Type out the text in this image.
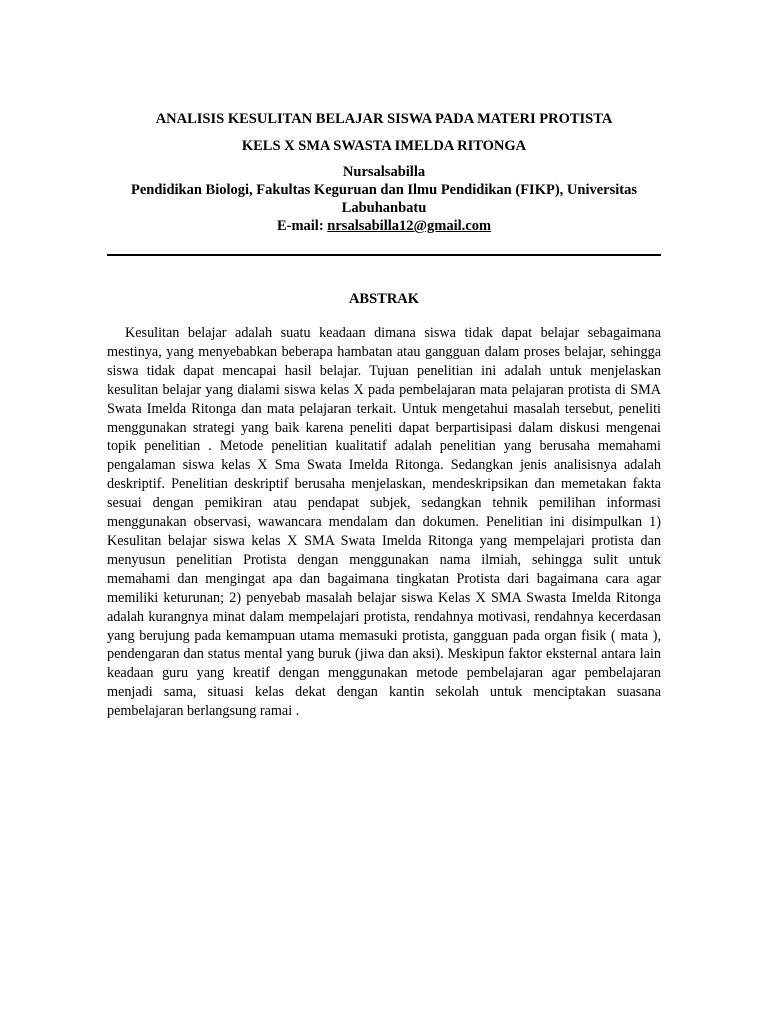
ANALISIS KESULITAN BELAJAR SISWA PADA MATERI PROTISTA

KELS X SMA SWASTA IMELDA RITONGA

Nursalsabilla

Pendidikan Biologi, Fakultas Keguruan dan Ilmu Pendidikan (FIKP), Universitas Labuhanbatu

E-mail: nrsalsabilla12@gmail.com

ABSTRAK

Kesulitan belajar adalah suatu keadaan dimana siswa tidak dapat belajar sebagaimana mestinya, yang menyebabkan beberapa hambatan atau gangguan dalam proses belajar, sehingga siswa tidak dapat mencapai hasil belajar. Tujuan penelitian ini adalah untuk menjelaskan kesulitan belajar yang dialami siswa kelas X pada pembelajaran mata pelajaran protista di SMA Swata Imelda Ritonga dan mata pelajaran terkait. Untuk mengetahui masalah tersebut, peneliti menggunakan strategi yang baik karena peneliti dapat berpartisipasi dalam diskusi mengenai topik penelitian . Metode penelitian kualitatif adalah penelitian yang berusaha memahami pengalaman siswa kelas X Sma Swata Imelda Ritonga. Sedangkan jenis analisisnya adalah deskriptif. Penelitian deskriptif berusaha menjelaskan, mendeskripsikan dan memetakan fakta sesuai dengan pemikiran atau pendapat subjek, sedangkan tehnik pemilihan informasi menggunakan observasi, wawancara mendalam dan dokumen. Penelitian ini disimpulkan 1) Kesulitan belajar siswa kelas X SMA Swata Imelda Ritonga yang mempelajari protista dan menyusun penelitian Protista dengan menggunakan nama ilmiah, sehingga sulit untuk memahami dan mengingat apa dan bagaimana tingkatan Protista dari bagaimana cara agar memiliki keturunan; 2) penyebab masalah belajar siswa Kelas X SMA Swasta Imelda Ritonga adalah kurangnya minat dalam mempelajari protista, rendahnya motivasi, rendahnya kecerdasan yang berujung pada kemampuan utama memasuki protista, gangguan pada organ fisik ( mata ), pendengaran dan status mental yang buruk (jiwa dan aksi). Meskipun faktor eksternal antara lain keadaan guru yang kreatif dengan menggunakan metode pembelajaran agar pembelajaran menjadi sama, situasi kelas dekat dengan kantin sekolah untuk menciptakan suasana pembelajaran berlangsung ramai .
